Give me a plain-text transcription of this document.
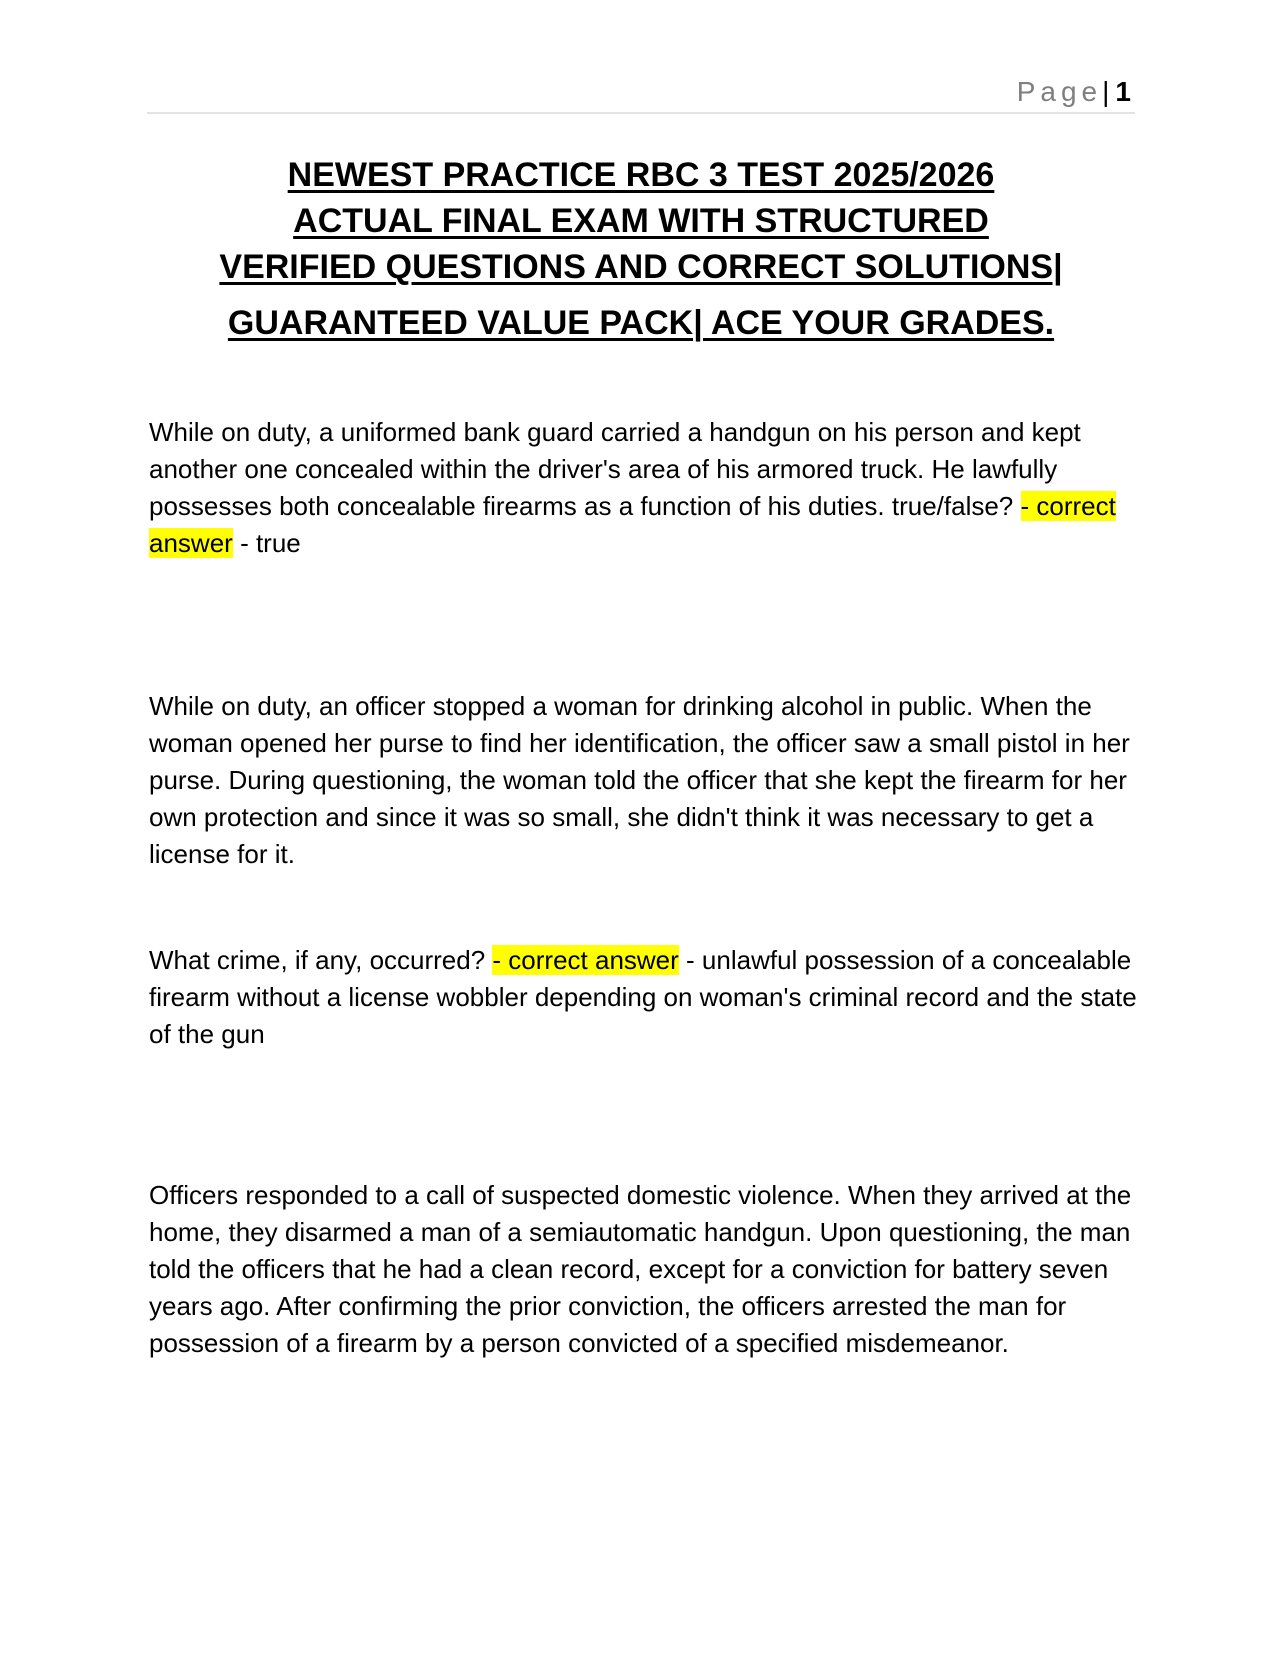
Page| 1
NEWEST PRACTICE RBC 3 TEST 2025/2026
ACTUAL FINAL EXAM WITH STRUCTURED
VERIFIED QUESTIONS AND CORRECT SOLUTIONS|
GUARANTEED VALUE PACK| ACE YOUR GRADES.

While on duty, a uniformed bank guard carried a handgun on his person and kept another one concealed within the driver's area of his armored truck. He lawfully possesses both concealable firearms as a function of his duties. true/false? - correct answer - true

While on duty, an officer stopped a woman for drinking alcohol in public. When the woman opened her purse to find her identification, the officer saw a small pistol in her purse. During questioning, the woman told the officer that she kept the firearm for her own protection and since it was so small, she didn't think it was necessary to get a license for it.

What crime, if any, occurred? - correct answer - unlawful possession of a concealable firearm without a license wobbler depending on woman's criminal record and the state of the gun

Officers responded to a call of suspected domestic violence. When they arrived at the home, they disarmed a man of a semiautomatic handgun. Upon questioning, the man told the officers that he had a clean record, except for a conviction for battery seven years ago. After confirming the prior conviction, the officers arrested the man for possession of a firearm by a person convicted of a specified misdemeanor.
